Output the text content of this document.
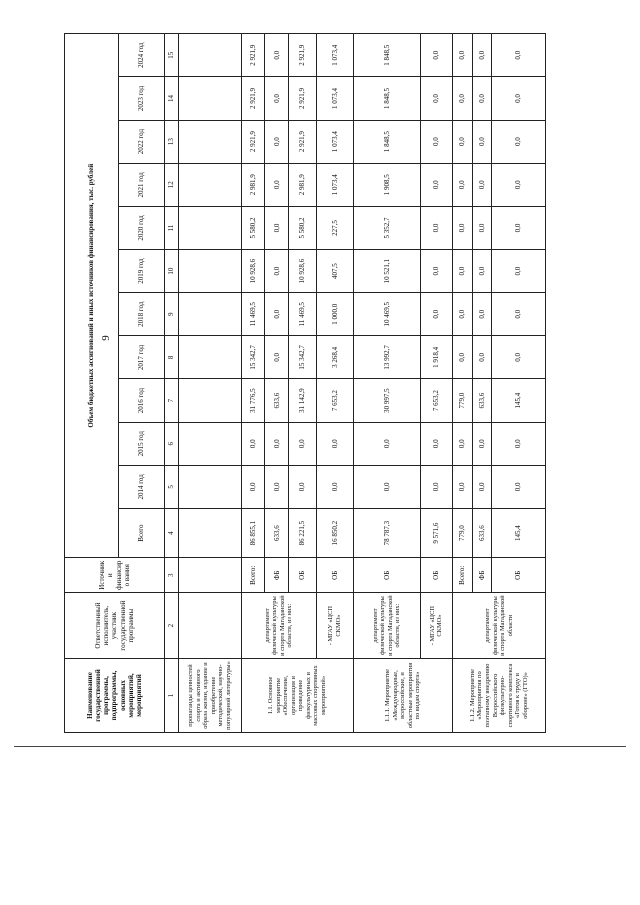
9
Наименование государственной программы, подпрограммы, основных мероприятий, мероприятий	Ответственный исполнитель, участник государственной программы	Источники финансиро вания	Объем бюджетных ассигнований и иных источников финансирования, тыс. рублей											
			Всего	2014 год	2015 год	2016 год	2017 год	2018 год	2019 год	2020 год	2021 год	2022 год	2023 год	2024 год
1	2	3	4	5	6	7	8	9	10	11	12	13	14	15
пропаганды ценностей спорта и активного образа жизни, издание и приобретение методической, научно-популярной литературы»														
1.1. Основное мероприятие «Обеспечение, организация и проведение физкультурных и массовых спортивных мероприятий»	департамент физической культуры и спорта Магаданской области, из них:	Всего:	86 855,1	0,0	0,0	31 776,5	15 342,7	11 469,5	10 928,6	5 580,2	2 981,9	2 921,9	2 921,9	2 921,9
		ФБ	633,6	0,0	0,0	633,6	0,0	0,0	0,0	0,0	0,0	0,0	0,0	0,0
		ОБ	86 221,5	0,0	0,0	31 142,9	15 342,7	11 469,5	10 928,6	5 580,2	2 981,9	2 921,9	2 921,9	2 921,9
	- МГАУ «ЦСП СКМО»	ОБ	16 850,2	0,0	0,0	7 653,2	3 268,4	1 000,0	407,5	227,5	1 073,4	1 073,4	1 073,4	1 073,4
1.1.1. Мероприятие «Международные, всероссийские, и областные мероприятия по видам спорта»	департамент физической культуры и спорта Магаданской области, из них:	ОБ	78 787,3	0,0	0,0	30 997,5	13 992,7	10 469,5	10 521,1	5 352,7	1 908,5	1 848,5	1 848,5	1 848,5
	- МГАУ «ЦСП СКМО»	ОБ	9 571,6	0,0	0,0	7 653,2	1 918,4	0,0	0,0	0,0	0,0	0,0	0,0	0,0
1.1.2. Мероприятие «Мероприятия по поэтапному внедрению Всероссийского физкультурно-спортивного комплекса «Готов к труду и обороне» (ГТО)»	департамент физической культуры и спорта Магаданской области	Всего:	779,0	0,0	0,0	779,0	0,0	0,0	0,0	0,0	0,0	0,0	0,0	0,0
		ФБ	633,6	0,0	0,0	633,6	0,0	0,0	0,0	0,0	0,0	0,0	0,0	0,0
		ОБ	145,4	0,0	0,0	145,4	0,0	0,0	0,0	0,0	0,0	0,0	0,0	0,0
